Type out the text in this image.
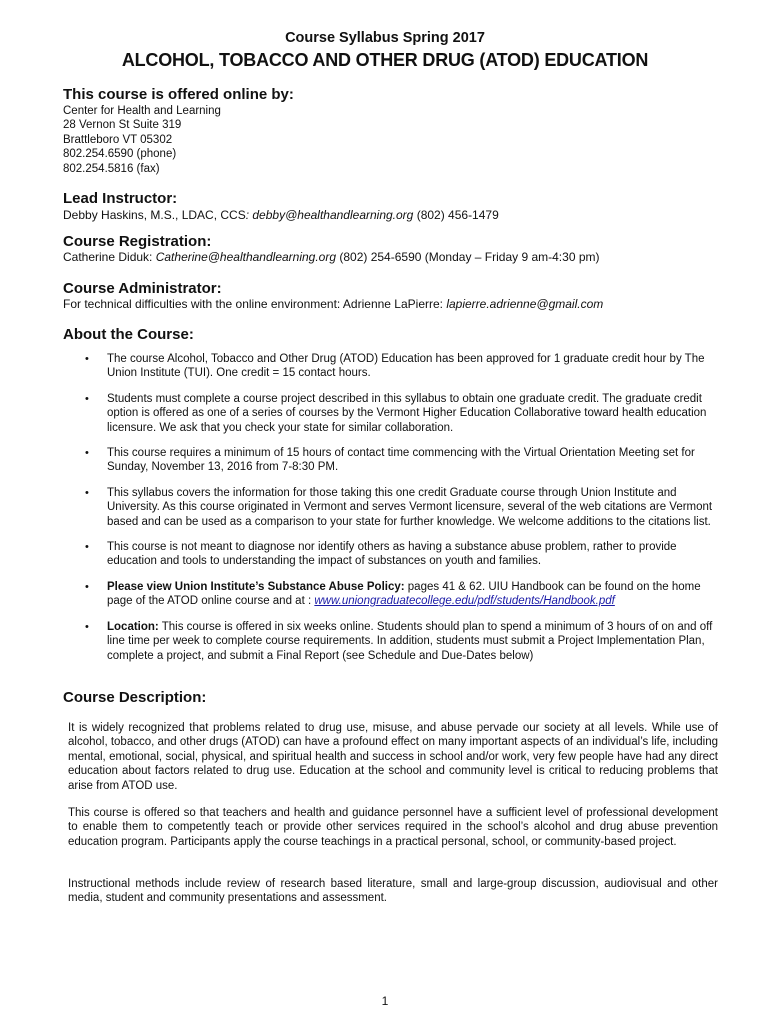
Course Syllabus Spring 2017
ALCOHOL, TOBACCO AND OTHER DRUG (ATOD) EDUCATION
This course is offered online by:
Center for Health and Learning
28 Vernon St Suite 319
Brattleboro VT 05302
802.254.6590 (phone)
802.254.5816 (fax)
Lead Instructor:
Debby Haskins, M.S., LDAC, CCS: debby@healthandlearning.org (802) 456-1479
Course Registration:
Catherine Diduk: Catherine@healthandlearning.org (802) 254-6590 (Monday – Friday 9 am-4:30 pm)
Course Administrator:
For technical difficulties with the online environment: Adrienne LaPierre: lapierre.adrienne@gmail.com
About the Course:
• The course Alcohol, Tobacco and Other Drug (ATOD) Education has been approved for 1 graduate credit hour by The Union Institute (TUI). One credit = 15 contact hours.
• Students must complete a course project described in this syllabus to obtain one graduate credit. The graduate credit option is offered as one of a series of courses by the Vermont Higher Education Collaborative toward health education licensure. We ask that you check your state for similar collaboration.
• This course requires a minimum of 15 hours of contact time commencing with the Virtual Orientation Meeting set for Sunday, November 13, 2016 from 7-8:30 PM.
• This syllabus covers the information for those taking this one credit Graduate course through Union Institute and University. As this course originated in Vermont and serves Vermont licensure, several of the web citations are Vermont based and can be used as a comparison to your state for further knowledge. We welcome additions to the citations list.
• This course is not meant to diagnose nor identify others as having a substance abuse problem, rather to provide education and tools to understanding the impact of substances on youth and families.
• Please view Union Institute’s Substance Abuse Policy: pages 41 & 62. UIU Handbook can be found on the home page of the ATOD online course and at : www.uniongraduatecollege.edu/pdf/students/Handbook.pdf
• Location: This course is offered in six weeks online. Students should plan to spend a minimum of 3 hours of on and off line time per week to complete course requirements. In addition, students must submit a Project Implementation Plan, complete a project, and submit a Final Report (see Schedule and Due-Dates below)
Course Description:

It is widely recognized that problems related to drug use, misuse, and abuse pervade our society at all levels. While use of alcohol, tobacco, and other drugs (ATOD) can have a profound effect on many important aspects of an individual’s life, including mental, emotional, social, physical, and spiritual health and success in school and/or work, very few people have had any direct education about factors related to drug use. Education at the school and community level is critical to reducing problems that arise from ATOD use.

This course is offered so that teachers and health and guidance personnel have a sufficient level of professional development to enable them to competently teach or provide other services required in the school’s alcohol and drug abuse prevention education program. Participants apply the course teachings in a practical personal, school, or community-based project.

Instructional methods include review of research based literature, small and large-group discussion, audiovisual and other media, student and community presentations and assessment.

1
